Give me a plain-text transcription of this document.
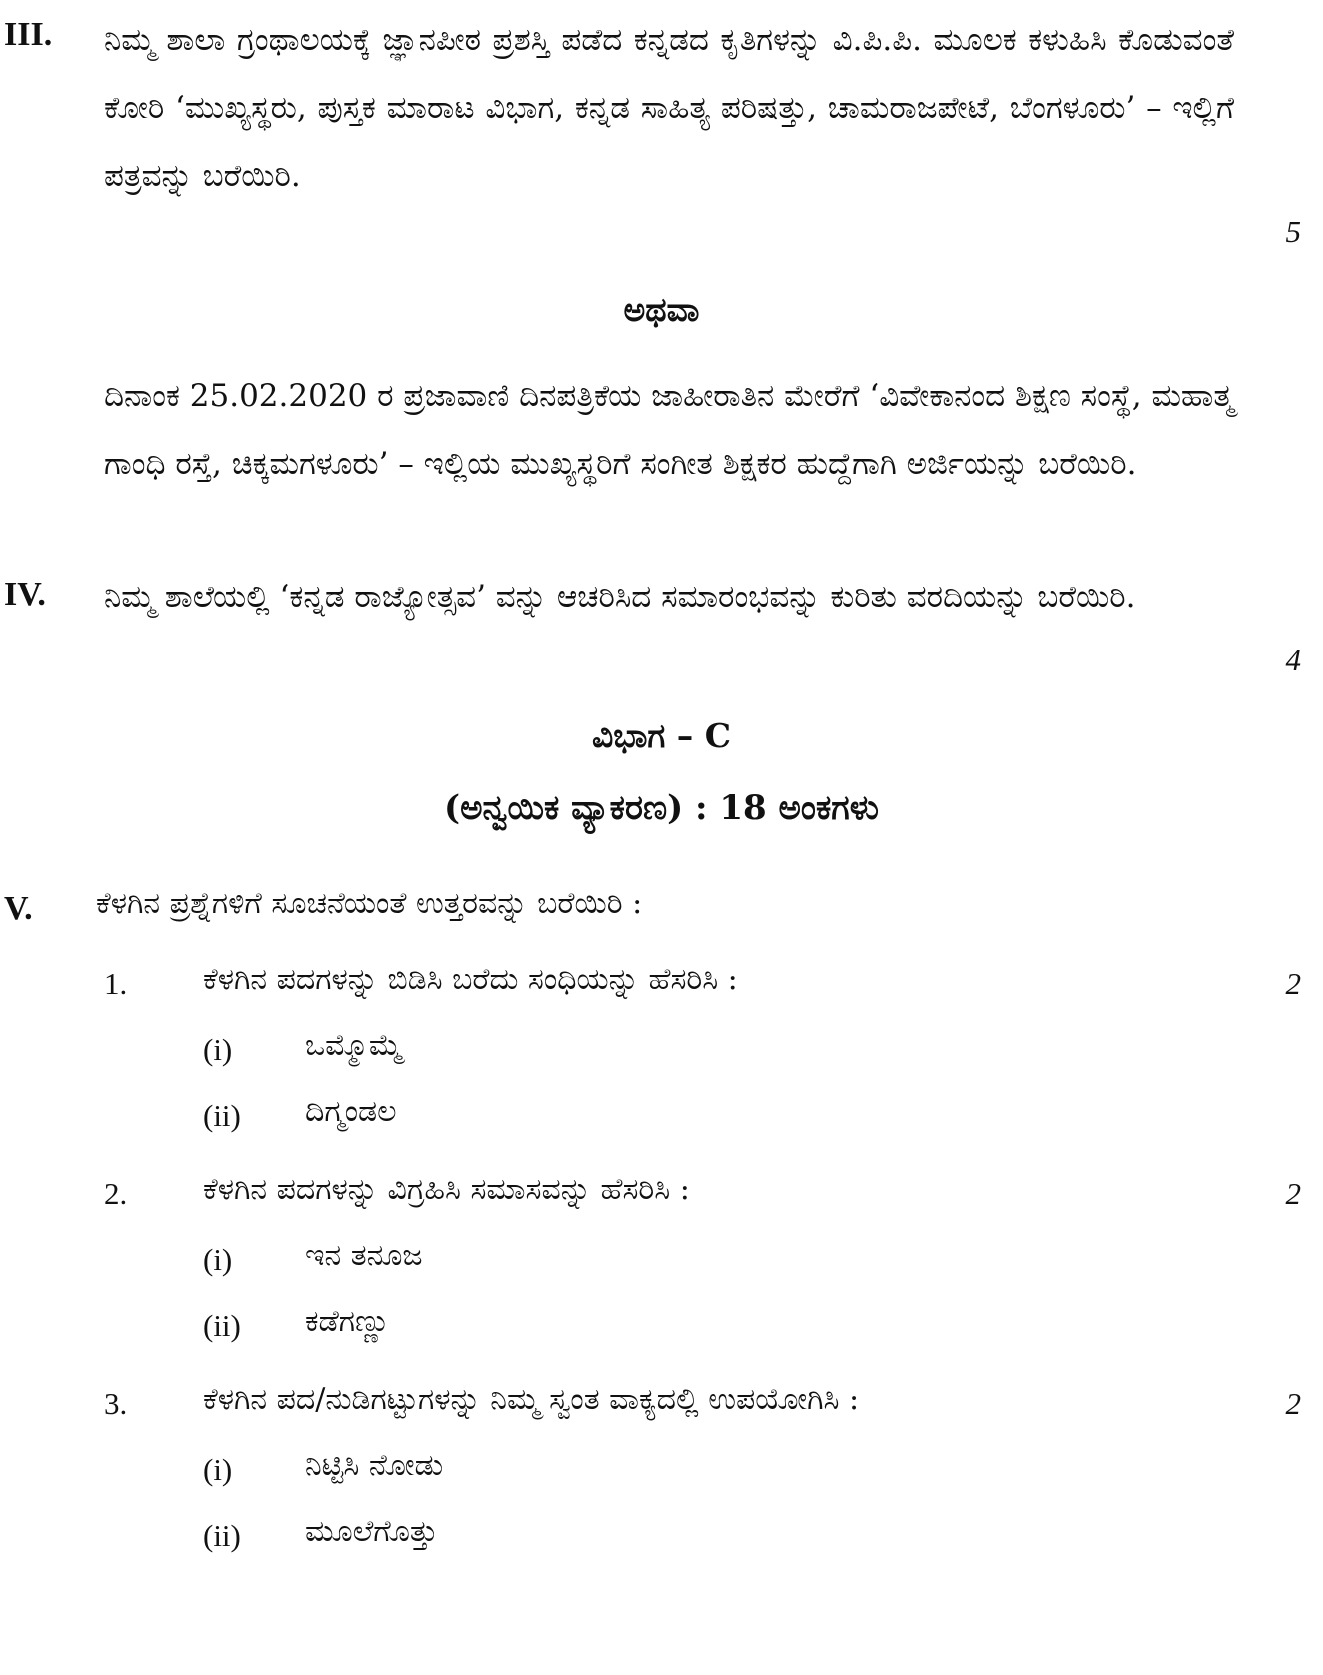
III. ನಿಮ್ಮ ಶಾಲಾ ಗ್ರಂಥಾಲಯಕ್ಕೆ ಜ್ಞಾನಪೀಠ ಪ್ರಶಸ್ತಿ ಪಡೆದ ಕನ್ನಡದ ಕೃತಿಗಳನ್ನು ವಿ.ಪಿ.ಪಿ. ಮೂಲಕ ಕಳುಹಿಸಿ ಕೊಡುವಂತೆ ಕೋರಿ ‘ಮುಖ್ಯಸ್ಥರು, ಪುಸ್ತಕ ಮಾರಾಟ ವಿಭಾಗ, ಕನ್ನಡ ಸಾಹಿತ್ಯ ಪರಿಷತ್ತು, ಚಾಮರಾಜಪೇಟೆ, ಬೆಂಗಳೂರು’ – ಇಲ್ಲಿಗೆ ಪತ್ರವನ್ನು ಬರೆಯಿರಿ.
5
ಅಥವಾ
ದಿನಾಂಕ 25.02.2020 ರ ಪ್ರಜಾವಾಣಿ ದಿನಪತ್ರಿಕೆಯ ಜಾಹೀರಾತಿನ ಮೇರೆಗೆ ‘ವಿವೇಕಾನಂದ ಶಿಕ್ಷಣ ಸಂಸ್ಥೆ, ಮಹಾತ್ಮ ಗಾಂಧಿ ರಸ್ತೆ, ಚಿಕ್ಕಮಗಳೂರು’ – ಇಲ್ಲಿಯ ಮುಖ್ಯಸ್ಥರಿಗೆ ಸಂಗೀತ ಶಿಕ್ಷಕರ ಹುದ್ದೆಗಾಗಿ ಅರ್ಜಿಯನ್ನು ಬರೆಯಿರಿ.
IV. ನಿಮ್ಮ ಶಾಲೆಯಲ್ಲಿ ‘ಕನ್ನಡ ರಾಜ್ಯೋತ್ಸವ’ ವನ್ನು ಆಚರಿಸಿದ ಸಮಾರಂಭವನ್ನು ಕುರಿತು ವರದಿಯನ್ನು ಬರೆಯಿರಿ.
4
ವಿಭಾಗ – C
(ಅನ್ವಯಿಕ ವ್ಯಾಕರಣ) : 18 ಅಂಕಗಳು
V. ಕೆಳಗಿನ ಪ್ರಶ್ನೆಗಳಿಗೆ ಸೂಚನೆಯಂತೆ ಉತ್ತರವನ್ನು ಬರೆಯಿರಿ :
1.	ಕೆಳಗಿನ ಪದಗಳನ್ನು ಬಿಡಿಸಿ ಬರೆದು ಸಂಧಿಯನ್ನು ಹೆಸರಿಸಿ :	2
(i) ಒಮ್ಮೊಮ್ಮೆ
(ii) ದಿಗ್ಮಂಡಲ
2.	ಕೆಳಗಿನ ಪದಗಳನ್ನು ವಿಗ್ರಹಿಸಿ ಸಮಾಸವನ್ನು ಹೆಸರಿಸಿ :	2
(i) ಇನ ತನೂಜ
(ii) ಕಡೆಗಣ್ಣು
3.	ಕೆಳಗಿನ ಪದ/ನುಡಿಗಟ್ಟುಗಳನ್ನು ನಿಮ್ಮ ಸ್ವಂತ ವಾಕ್ಯದಲ್ಲಿ ಉಪಯೋಗಿಸಿ :	2
(i) ನಿಟ್ಟಿಸಿ ನೋಡು
(ii) ಮೂಲೆಗೊತ್ತು
